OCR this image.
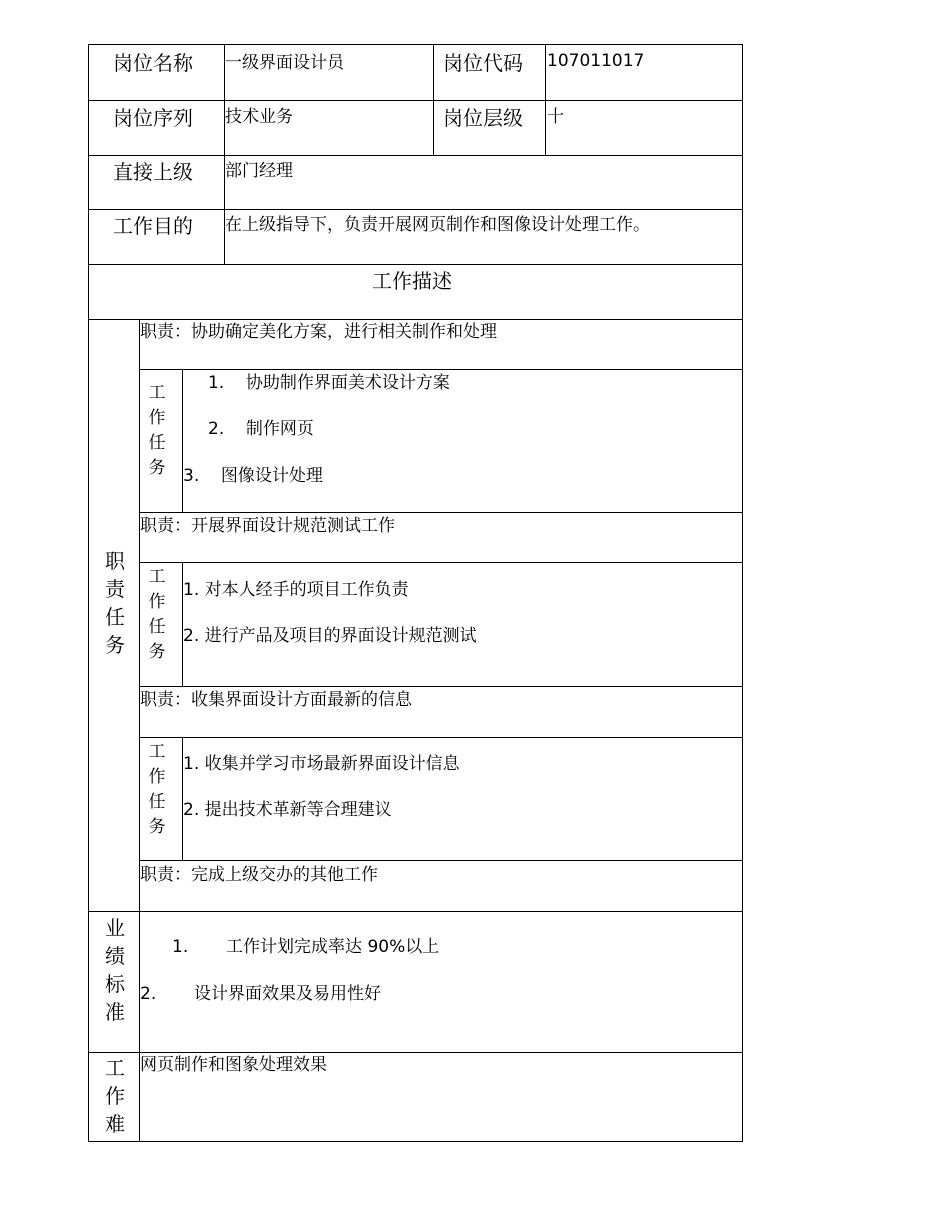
岗位名称 一级界面设计员	岗位代码 107011017
岗位序列 技术业务	岗位层级 十
直接上级 部门经理
工作目的 在上级指导下，负责开展网页制作和图像设计处理工作。
工作描述
职责任务
职责：协助确定美化方案，进行相关制作和处理
工作任务
1.    协助制作界面美术设计方案
2.    制作网页
3.    图像设计处理
职责：开展界面设计规范测试工作
工作任务
1. 对本人经手的项目工作负责
2. 进行产品及项目的界面设计规范测试
职责：收集界面设计方面最新的信息
工作任务
1. 收集并学习市场最新界面设计信息
2. 提出技术革新等合理建议
职责：完成上级交办的其他工作
业绩标准
1.       工作计划完成率达 90%以上
2.       设计界面效果及易用性好
工作难
网页制作和图象处理效果
